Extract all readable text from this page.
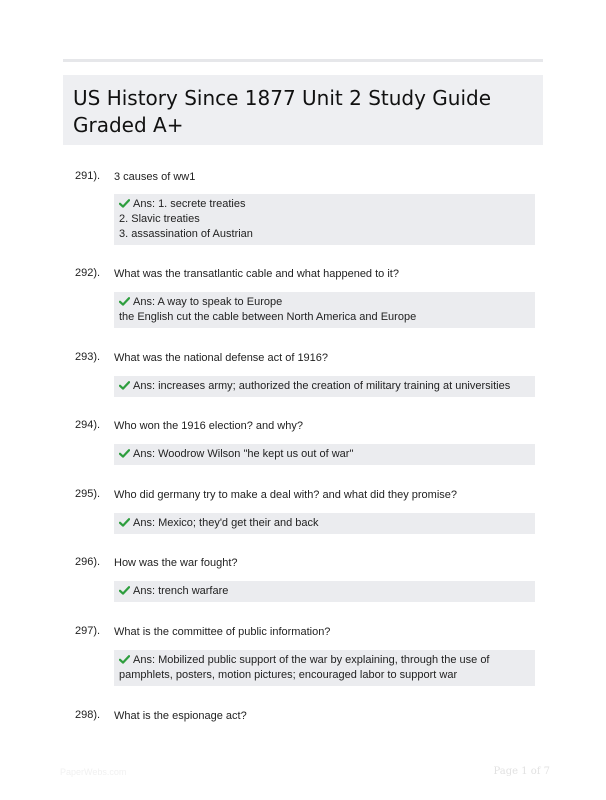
US History Since 1877 Unit 2 Study Guide Graded A+
291). 3 causes of ww1
Ans: 1. secrete treaties
2. Slavic treaties
3. assassination of Austrian
292). What was the transatlantic cable and what happened to it?
Ans: A way to speak to Europe
the English cut the cable between North America and Europe
293). What was the national defense act of 1916?
Ans: increases army; authorized the creation of military training at universities
294). Who won the 1916 election? and why?
Ans: Woodrow Wilson "he kept us out of war"
295). Who did germany try to make a deal with? and what did they promise?
Ans: Mexico; they'd get their and back
296). How was the war fought?
Ans: trench warfare
297). What is the committee of public information?
Ans: Mobilized public support of the war by explaining, through the use of
pamphlets, posters, motion pictures; encouraged labor to support war
298). What is the espionage act?
PaperWebs.com	Page 1 of 7
